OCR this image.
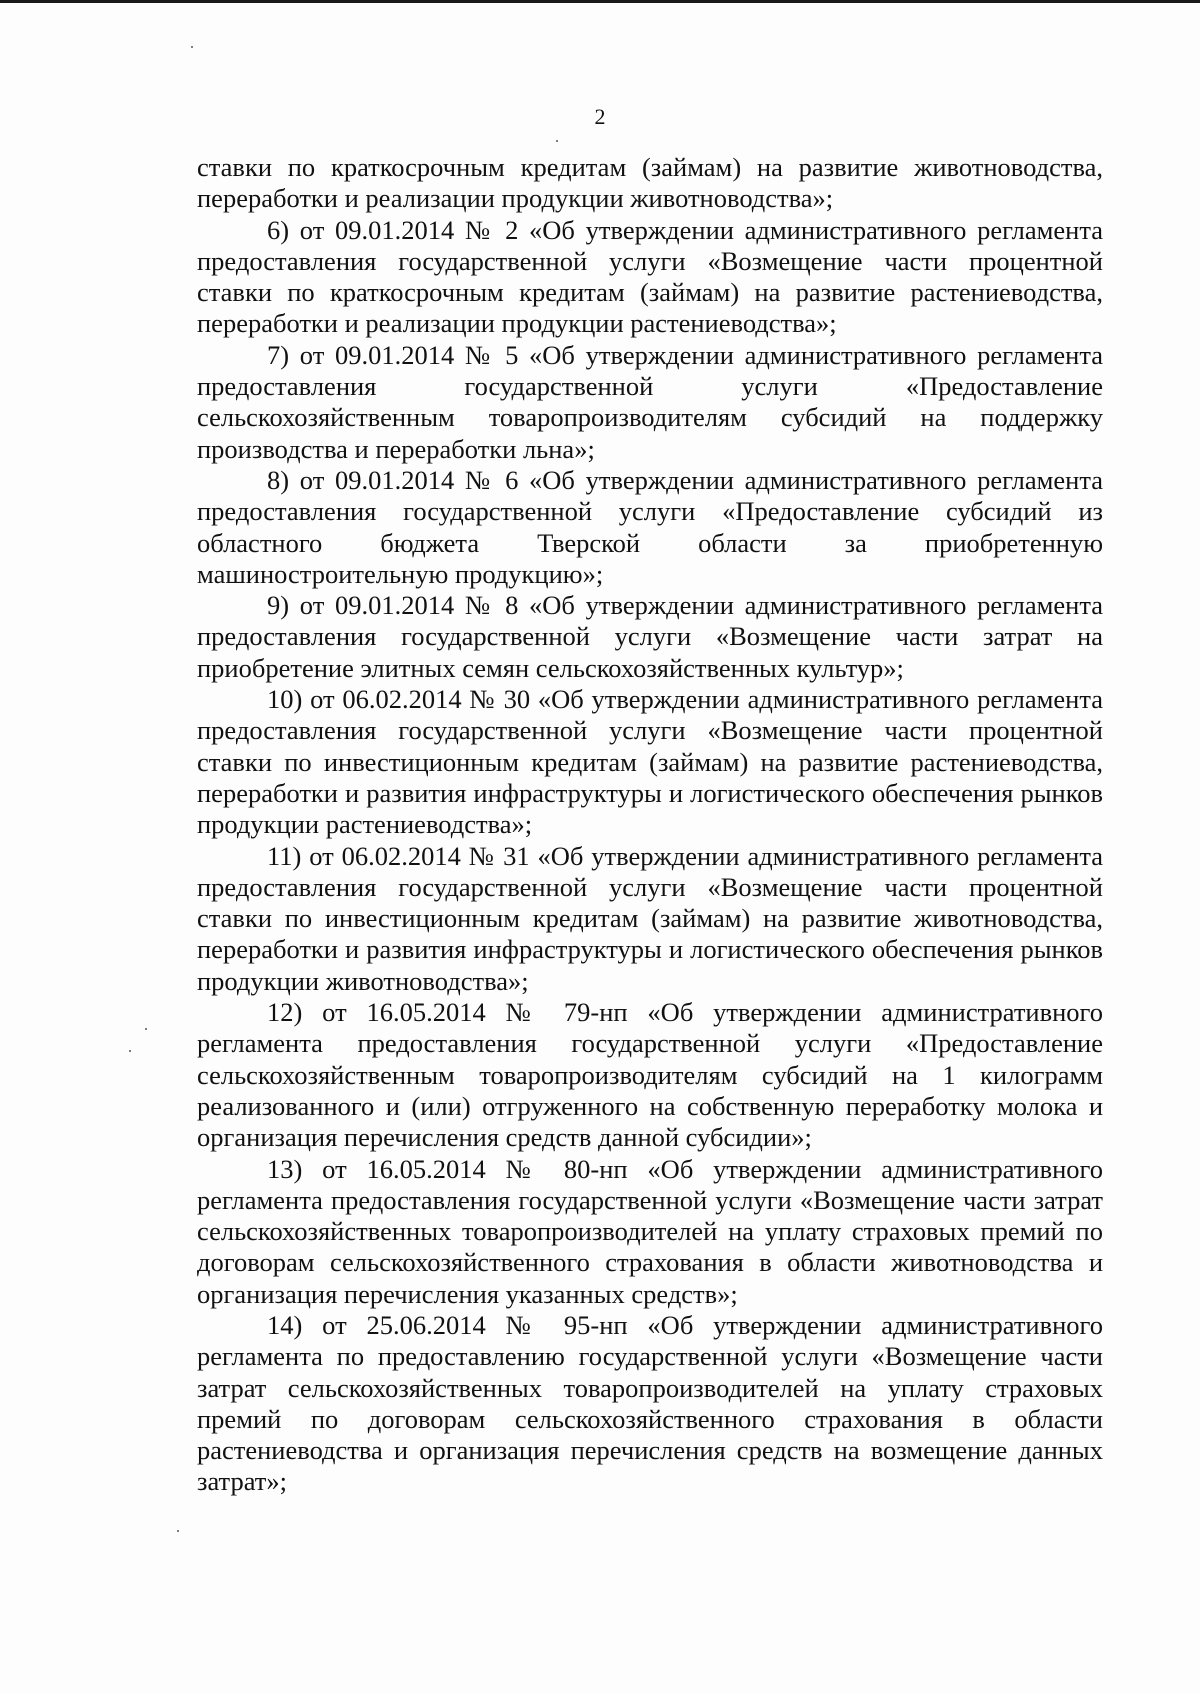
2

ставки по краткосрочным кредитам (займам) на развитие животноводства, переработки и реализации продукции животноводства»;

6) от 09.01.2014 № 2 «Об утверждении административного регламента предоставления государственной услуги «Возмещение части процентной ставки по краткосрочным кредитам (займам) на развитие растениеводства, переработки и реализации продукции растениеводства»;

7) от 09.01.2014 № 5 «Об утверждении административного регламента предоставления государственной услуги «Предоставление сельскохозяйственным товаропроизводителям субсидий на поддержку производства и переработки льна»;

8) от 09.01.2014 № 6 «Об утверждении административного регламента предоставления государственной услуги «Предоставление субсидий из областного бюджета Тверской области за приобретенную машиностроительную продукцию»;

9) от 09.01.2014 № 8 «Об утверждении административного регламента предоставления государственной услуги «Возмещение части затрат на приобретение элитных семян сельскохозяйственных культур»;

10) от 06.02.2014 № 30 «Об утверждении административного регламента предоставления государственной услуги «Возмещение части процентной ставки по инвестиционным кредитам (займам) на развитие растениеводства, переработки и развития инфраструктуры и логистического обеспечения рынков продукции растениеводства»;

11) от 06.02.2014 № 31 «Об утверждении административного регламента предоставления государственной услуги «Возмещение части процентной ставки по инвестиционным кредитам (займам) на развитие животноводства, переработки и развития инфраструктуры и логистического обеспечения рынков продукции животноводства»;

12) от 16.05.2014 № 79-нп «Об утверждении административного регламента предоставления государственной услуги «Предоставление сельскохозяйственным товаропроизводителям субсидий на 1 килограмм реализованного и (или) отгруженного на собственную переработку молока и организация перечисления средств данной субсидии»;

13) от 16.05.2014 № 80-нп «Об утверждении административного регламента предоставления государственной услуги «Возмещение части затрат сельскохозяйственных товаропроизводителей на уплату страховых премий по договорам сельскохозяйственного страхования в области животноводства и организация перечисления указанных средств»;

14) от 25.06.2014 № 95-нп «Об утверждении административного регламента по предоставлению государственной услуги «Возмещение части затрат сельскохозяйственных товаропроизводителей на уплату страховых премий по договорам сельскохозяйственного страхования в области растениеводства и организация перечисления средств на возмещение данных затрат»;
